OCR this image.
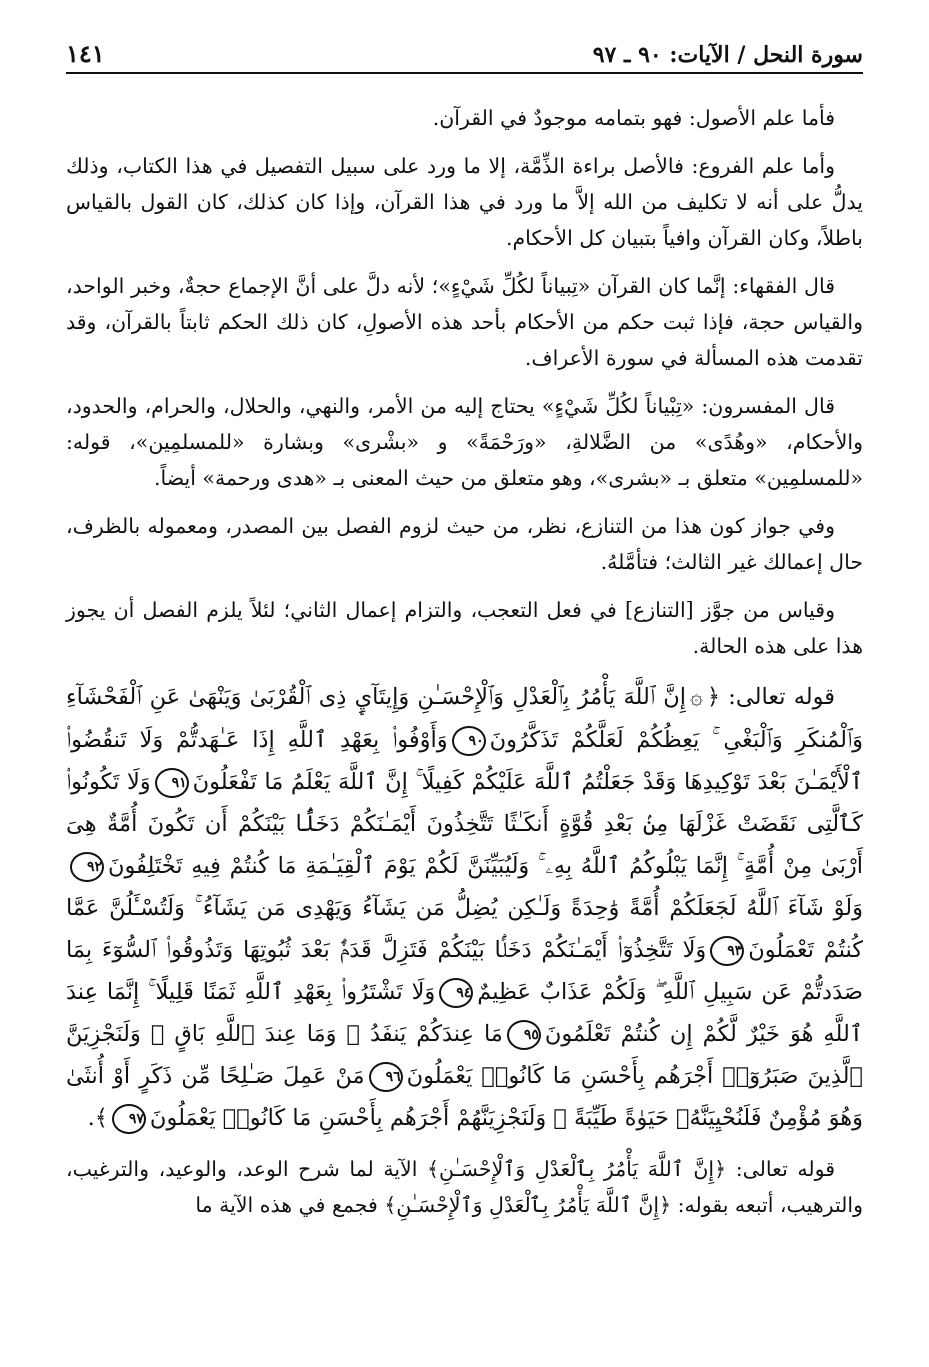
سورة النحل / الآيات: ٩٠ ـ ٩٧
١٤١

فأما علم الأصول: فهو بتمامه موجودٌ في القرآن.

وأما علم الفروع: فالأصل براءة الذِّمَّة، إلا ما ورد على سبيل التفصيل في هذا الكتاب، وذلك يدلُّ على أنه لا تكليف من الله إلاَّ ما ورد في هذا القرآن، وإذا كان كذلك، كان القول بالقياس باطلاً، وكان القرآن وافياً بتبيان كل الأحكام.

قال الفقهاء: إنَّما كان القرآن «تِبياناً لكُلِّ شَيْءٍ»؛ لأنه دلَّ على أنَّ الإجماع حجةٌ، وخبر الواحد، والقياس حجة، فإذا ثبت حكم من الأحكام بأحد هذه الأصولِ، كان ذلك الحكم ثابتاً بالقرآن، وقد تقدمت هذه المسألة في سورة الأعراف.

قال المفسرون: «تِبْياناً لكُلِّ شَيْءٍ» يحتاج إليه من الأمر، والنهي، والحلال، والحرام، والحدود، والأحكام، «وهُدًى» من الضَّلالةِ، «ورَحْمَةً» و «بشْرى» وبشارة «للمسلمِين»، قوله: «للمسلمِين» متعلق بـ «بشرى»، وهو متعلق من حيث المعنى بـ «هدى ورحمة» أيضاً.

وفي جواز كون هذا من التنازع، نظر، من حيث لزوم الفصل بين المصدر، ومعموله بالظرف، حال إعمالك غير الثالث؛ فتأمَّلهُ.

وقياس من جوَّز [التنازع] في فعل التعجب، والتزام إعمال الثاني؛ لئلاً يلزم الفصل أن يجوز هذا على هذه الحالة.

قوله تعالى: ﴿۞إِنَّ ٱللَّهَ يَأْمُرُ بِٱلْعَدْلِ وَٱلْإِحْسَـٰنِ وَإِيتَآيِٕ ذِى ٱلْقُرْبَىٰ وَيَنْهَىٰ عَنِ ٱلْفَحْشَآءِ وَٱلْمُنكَرِ وَٱلْبَغْىِ ۚ يَعِظُكُمْ لَعَلَّكُمْ تَذَكَّرُونَ٩٠وَأَوْفُوا۟ بِعَهْدِ ٱللَّهِ إِذَا عَـٰهَدتُّمْ وَلَا تَنقُضُوا۟ ٱلْأَيْمَـٰنَ بَعْدَ تَوْكِيدِهَا وَقَدْ جَعَلْتُمُ ٱللَّهَ عَلَيْكُمْ كَفِيلًا ۚ إِنَّ ٱللَّهَ يَعْلَمُ مَا تَفْعَلُونَ٩١وَلَا تَكُونُوا۟ كَٱلَّتِى نَقَضَتْ غَزْلَهَا مِنۢ بَعْدِ قُوَّةٍ أَنكَـٰثًا تَتَّخِذُونَ أَيْمَـٰنَكُمْ دَخَلًۢا بَيْنَكُمْ أَن تَكُونَ أُمَّةٌ هِىَ أَرْبَىٰ مِنْ أُمَّةٍ ۚ إِنَّمَا يَبْلُوكُمُ ٱللَّهُ بِهِۦ ۚ وَلَيُبَيِّنَنَّ لَكُمْ يَوْمَ ٱلْقِيَـٰمَةِ مَا كُنتُمْ فِيهِ تَخْتَلِفُونَ٩٢وَلَوْ شَآءَ ٱللَّهُ لَجَعَلَكُمْ أُمَّةً وَٰحِدَةً وَلَـٰكِن يُضِلُّ مَن يَشَآءُ وَيَهْدِى مَن يَشَآءُ ۚ وَلَتُسْـَٔلُنَّ عَمَّا كُنتُمْ تَعْمَلُونَ٩٣وَلَا تَتَّخِذُوٓا۟ أَيْمَـٰنَكُمْ دَخَلًۢا بَيْنَكُمْ فَتَزِلَّ قَدَمٌۢ بَعْدَ ثُبُوتِهَا وَتَذُوقُوا۟ ٱلسُّوٓءَ بِمَا صَدَدتُّمْ عَن سَبِيلِ ٱللَّهِ ۖ وَلَكُمْ عَذَابٌ عَظِيمٌ٩٤وَلَا تَشْتَرُوا۟ بِعَهْدِ ٱللَّهِ ثَمَنًا قَلِيلًا ۚ إِنَّمَا عِندَ ٱللَّهِ هُوَ خَيْرٌ لَّكُمْ إِن كُنتُمْ تَعْلَمُونَ٩٥مَا عِندَكُمْ يَنفَدُ ۖ وَمَا عِندَ ٱللَّهِ بَاقٍ ۗ وَلَنَجْزِيَنَّ ٱلَّذِينَ صَبَرُوٓا۟ أَجْرَهُم بِأَحْسَنِ مَا كَانُوا۟ يَعْمَلُونَ٩٦مَنْ عَمِلَ صَـٰلِحًا مِّن ذَكَرٍ أَوْ أُنثَىٰ وَهُوَ مُؤْمِنٌ فَلَنُحْيِيَنَّهُۥ حَيَوٰةً طَيِّبَةً ۖ وَلَنَجْزِيَنَّهُمْ أَجْرَهُم بِأَحْسَنِ مَا كَانُوا۟ يَعْمَلُونَ٩٧﴾.

قوله تعالى: ﴿إِنَّ ٱللَّهَ يَأْمُرُ بِٱلْعَدْلِ وَٱلْإِحْسَـٰنِ﴾ الآية لما شرح الوعد، والوعيد، والترغيب، والترهيب، أتبعه بقوله: ﴿إِنَّ ٱللَّهَ يَأْمُرُ بِٱلْعَدْلِ وَٱلْإِحْسَـٰنِ﴾ فجمع في هذه الآية ما
